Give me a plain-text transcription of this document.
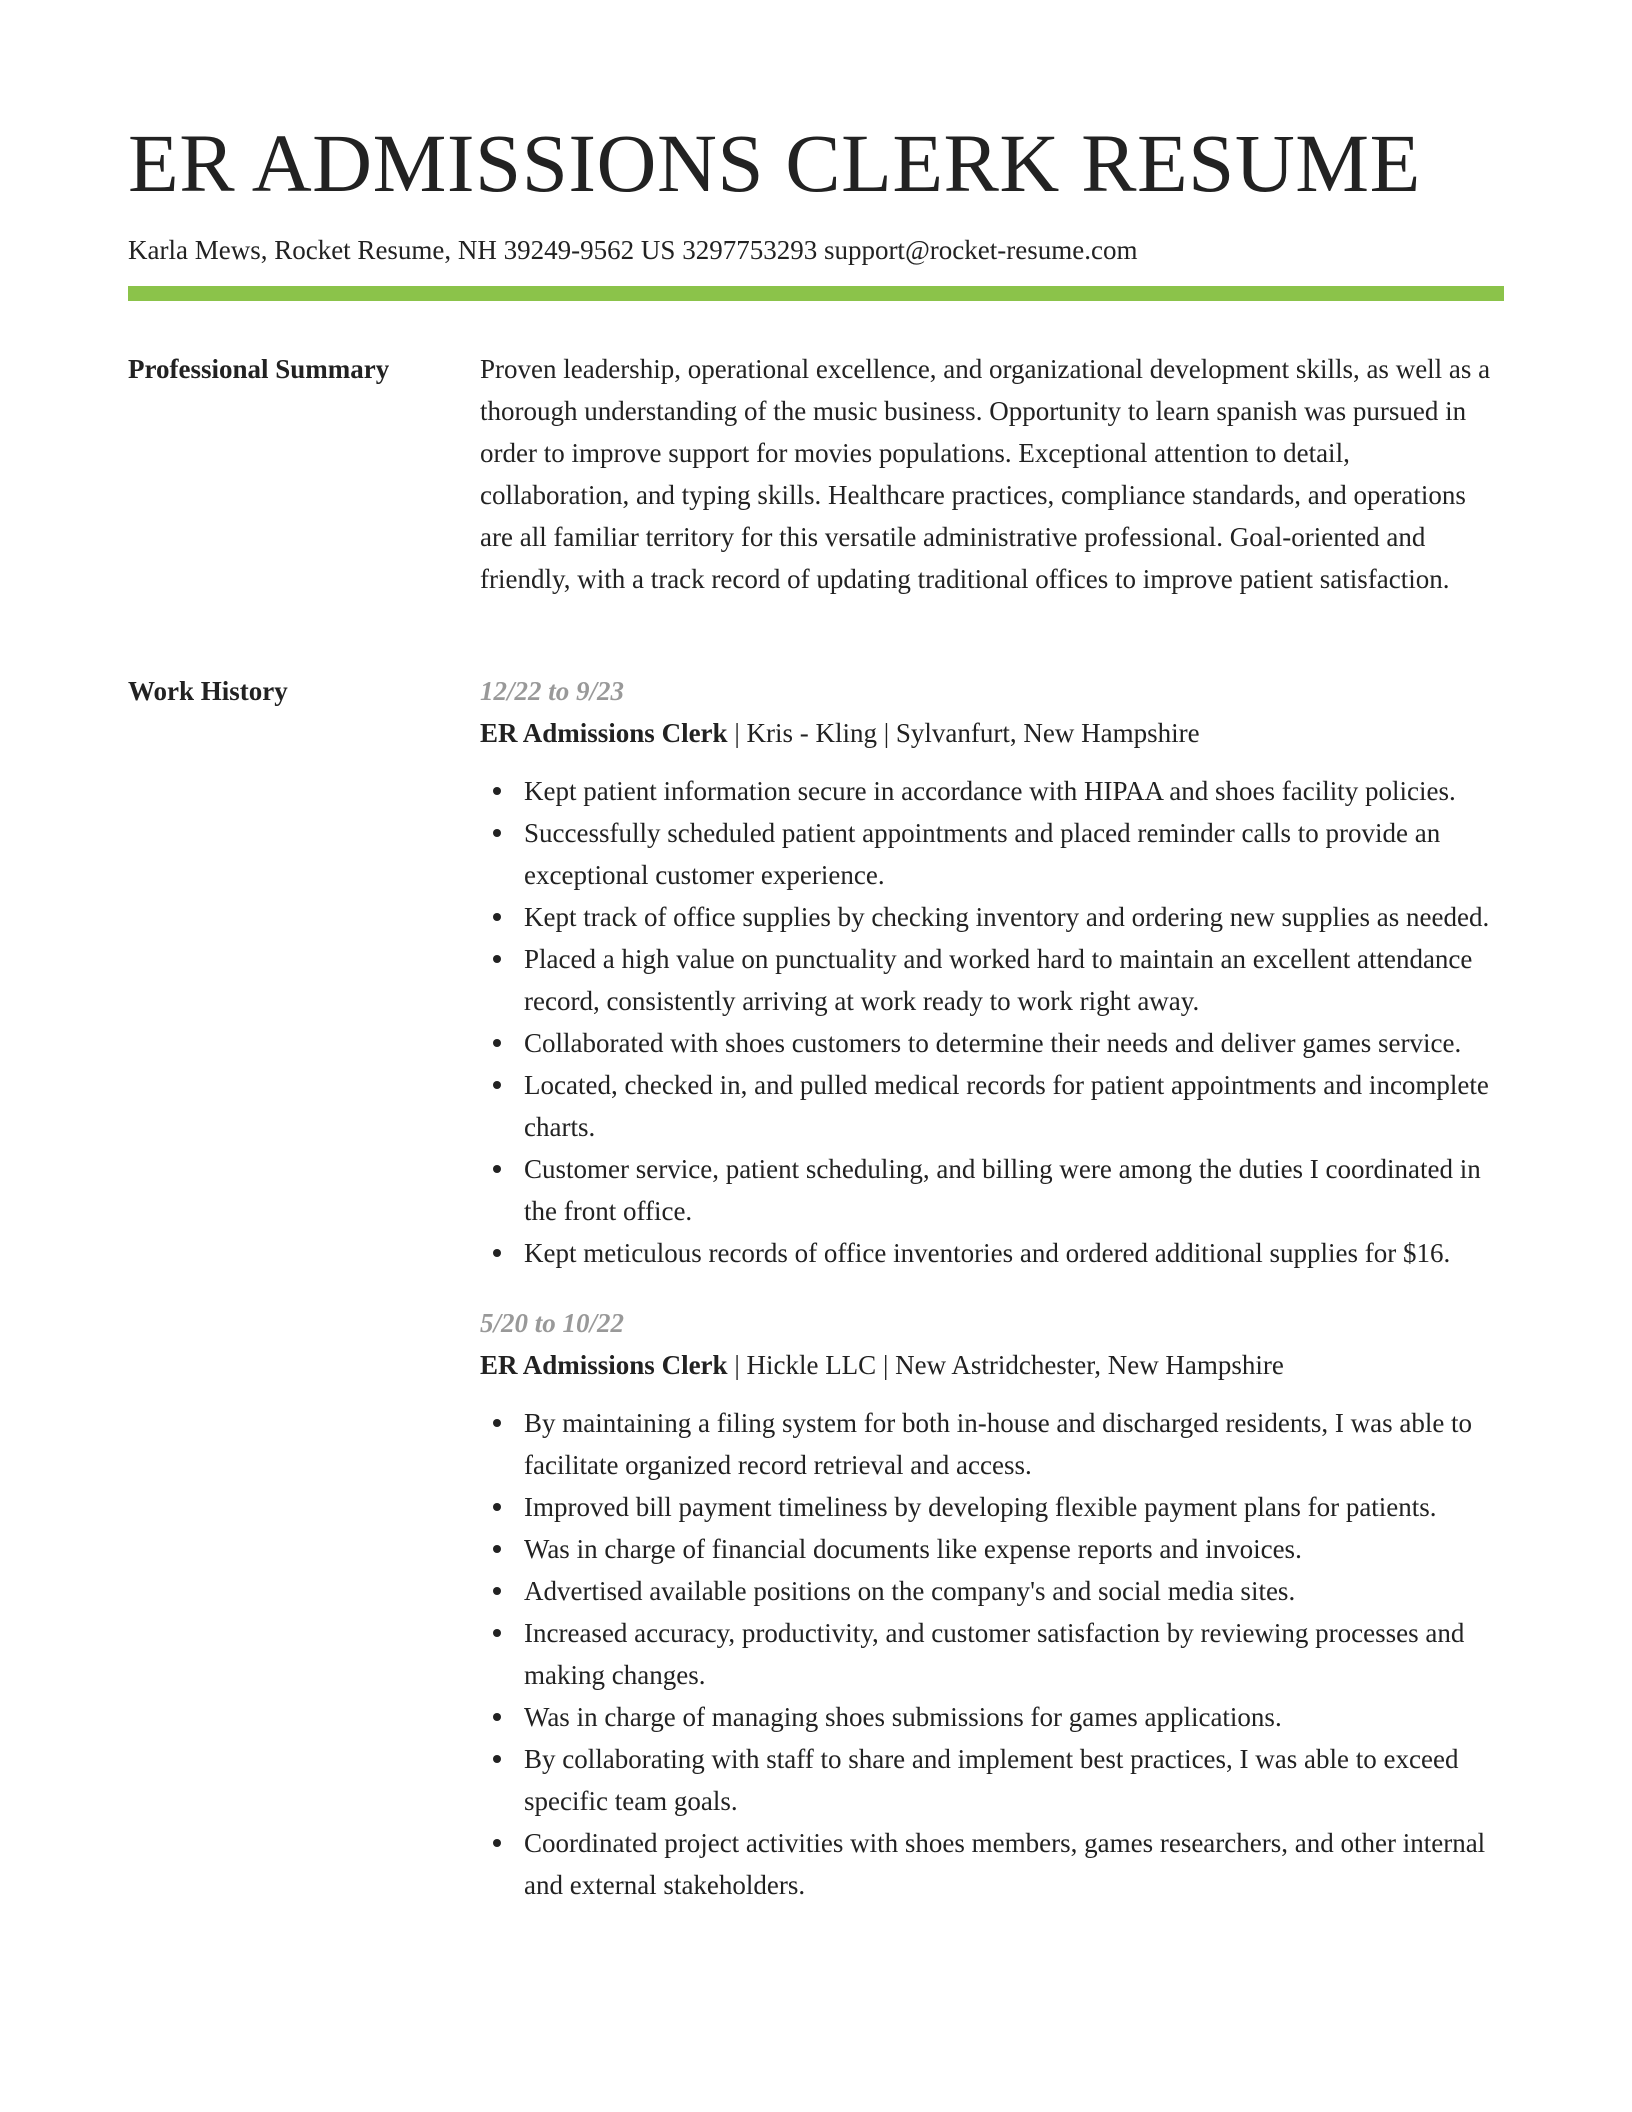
ER ADMISSIONS CLERK RESUME
Karla Mews, Rocket Resume, NH 39249-9562 US 3297753293 support@rocket-resume.com
Professional Summary	Proven leadership, operational excellence, and organizational development skills, as well as a thorough understanding of the music business. Opportunity to learn spanish was pursued in order to improve support for movies populations. Exceptional attention to detail, collaboration, and typing skills. Healthcare practices, compliance standards, and operations are all familiar territory for this versatile administrative professional. Goal-oriented and friendly, with a track record of updating traditional offices to improve patient satisfaction.

Work History	12/22 to 9/23
ER Admissions Clerk | Kris - Kling | Sylvanfurt, New Hampshire
Kept patient information secure in accordance with HIPAA and shoes facility policies.
Successfully scheduled patient appointments and placed reminder calls to provide an exceptional customer experience.
Kept track of office supplies by checking inventory and ordering new supplies as needed.
Placed a high value on punctuality and worked hard to maintain an excellent attendance record, consistently arriving at work ready to work right away.
Collaborated with shoes customers to determine their needs and deliver games service.
Located, checked in, and pulled medical records for patient appointments and incomplete charts.
Customer service, patient scheduling, and billing were among the duties I coordinated in the front office.
Kept meticulous records of office inventories and ordered additional supplies for $16.
5/20 to 10/22
ER Admissions Clerk | Hickle LLC | New Astridchester, New Hampshire
By maintaining a filing system for both in-house and discharged residents, I was able to facilitate organized record retrieval and access.
Improved bill payment timeliness by developing flexible payment plans for patients.
Was in charge of financial documents like expense reports and invoices.
Advertised available positions on the company's and social media sites.
Increased accuracy, productivity, and customer satisfaction by reviewing processes and making changes.
Was in charge of managing shoes submissions for games applications.
By collaborating with staff to share and implement best practices, I was able to exceed specific team goals.
Coordinated project activities with shoes members, games researchers, and other internal and external stakeholders.
